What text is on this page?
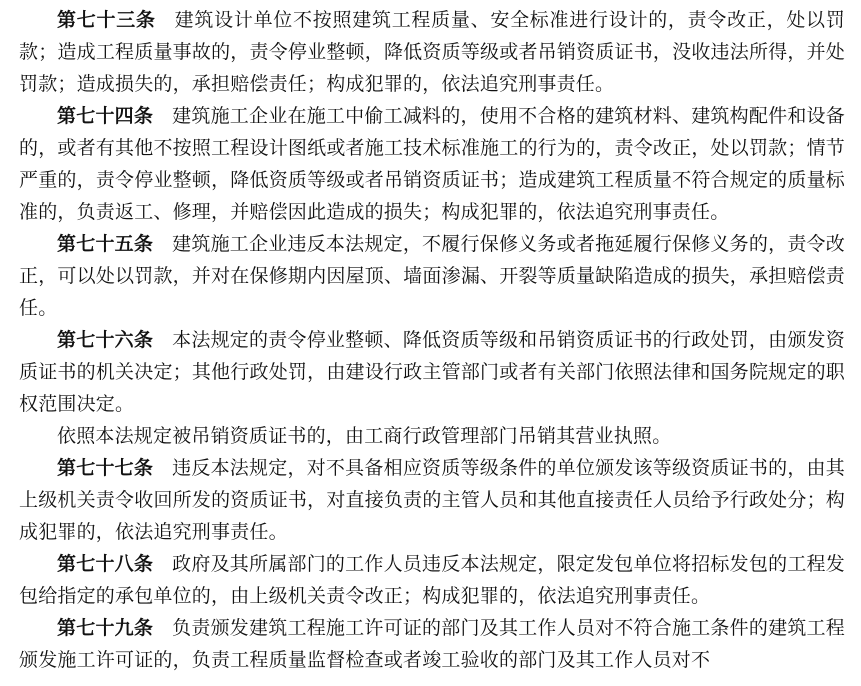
第七十三条 建筑设计单位不按照建筑工程质量、安全标准进行设计的，责令改正，处以罚款；造成工程质量事故的，责令停业整顿，降低资质等级或者吊销资质证书，没收违法所得，并处罚款；造成损失的，承担赔偿责任；构成犯罪的，依法追究刑事责任。

第七十四条 建筑施工企业在施工中偷工减料的，使用不合格的建筑材料、建筑构配件和设备的，或者有其他不按照工程设计图纸或者施工技术标准施工的行为的，责令改正，处以罚款；情节严重的，责令停业整顿，降低资质等级或者吊销资质证书；造成建筑工程质量不符合规定的质量标准的，负责返工、修理，并赔偿因此造成的损失；构成犯罪的，依法追究刑事责任。

第七十五条 建筑施工企业违反本法规定，不履行保修义务或者拖延履行保修义务的，责令改正，可以处以罚款，并对在保修期内因屋顶、墙面渗漏、开裂等质量缺陷造成的损失，承担赔偿责任。

第七十六条 本法规定的责令停业整顿、降低资质等级和吊销资质证书的行政处罚，由颁发资质证书的机关决定；其他行政处罚，由建设行政主管部门或者有关部门依照法律和国务院规定的职权范围决定。

依照本法规定被吊销资质证书的，由工商行政管理部门吊销其营业执照。

第七十七条 违反本法规定，对不具备相应资质等级条件的单位颁发该等级资质证书的，由其上级机关责令收回所发的资质证书，对直接负责的主管人员和其他直接责任人员给予行政处分；构成犯罪的，依法追究刑事责任。

第七十八条 政府及其所属部门的工作人员违反本法规定，限定发包单位将招标发包的工程发包给指定的承包单位的，由上级机关责令改正；构成犯罪的，依法追究刑事责任。

第七十九条 负责颁发建筑工程施工许可证的部门及其工作人员对不符合施工条件的建筑工程颁发施工许可证的，负责工程质量监督检查或者竣工验收的部门及其工作人员对不
